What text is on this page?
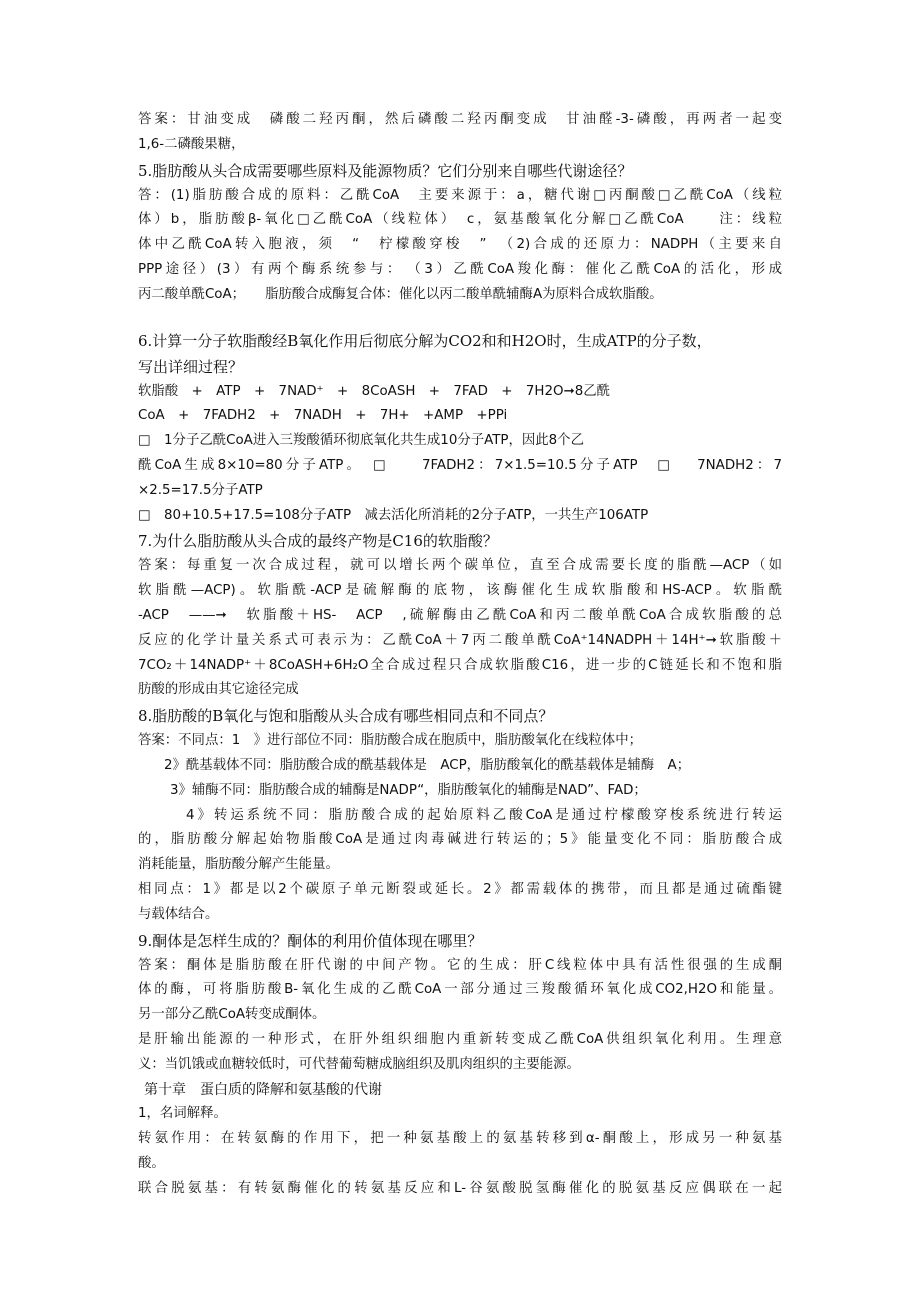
答案：甘油变成　磷酸二羟丙酮，然后磷酸二羟丙酮变成　甘油醛-3-磷酸，再两者一起变
1,6-二磷酸果糖，
5.脂肪酸从头合成需要哪些原料及能源物质？它们分别来自哪些代谢途径？
答：(1)脂肪酸合成的原料：乙酰CoA　主要来源于：a，糖代谢□丙酮酸□乙酰CoA（线粒
体）b，脂肪酸β-氧化□乙酰CoA（线粒体）　c，氨基酸氧化分解□乙酰CoA　　注：线粒
体中乙酰CoA转入胞液，须　“　柠檬酸穿梭　”　（2)合成的还原力：NADPH（主要来自
PPP途径）(3）有两个酶系统参与：　（3）乙酰CoA羧化酶：催化乙酰CoA的活化，形成
丙二酸单酰CoA；　　脂肪酸合成酶复合体：催化以丙二酸单酰辅酶A为原料合成软脂酸。
6.计算一分子软脂酸经B氧化作用后彻底分解为CO2和和H2O时，生成ATP的分子数，
写出详细过程？
软脂酸　+　ATP　+　7NAD⁺　+　8CoASH　+　7FAD　+　7H2O➞8乙酰
CoA　+　7FADH2　+　7NADH　+　7H+　+AMP　+PPi
□　1分子乙酰CoA进入三羧酸循环彻底氧化共生成10分子ATP，因此8个乙
酰CoA生成8×10=80分子ATP。　□　　7FADH2：7×1.5=10.5分子ATP　□　 7NADH2：7
×2.5=17.5分子ATP
□　80+10.5+17.5=108分子ATP　减去活化所消耗的2分子ATP，一共生产106ATP
7.为什么脂肪酸从头合成的最终产物是C16的软脂酸？
答案：每重复一次合成过程，就可以增长两个碳单位，直至合成需要长度的脂酰—ACP（如
软脂酰—ACP)。软脂酰-ACP是硫解酶的底物，该酶催化生成软脂酸和HS-ACP。软脂酰
-ACP　——➞　软脂酸＋HS-　ACP　,硫解酶由乙酰CoA和丙二酸单酰CoA合成软脂酸的总
反应的化学计量关系式可表示为：乙酰CoA＋7丙二酸单酰CoA⁺14NADPH＋14H⁺➞软脂酸＋
7CO₂＋14NADP⁺＋8CoASH+6H₂O全合成过程只合成软脂酸C16，进一步的C链延长和不饱和脂
肪酸的形成由其它途径完成
8.脂肪酸的B氧化与饱和脂酸从头合成有哪些相同点和不同点？
答案：不同点：1　》进行部位不同：脂肪酸合成在胞质中，脂肪酸氧化在线粒体中；
2》酰基载体不同：脂肪酸合成的酰基载体是　ACP，脂肪酸氧化的酰基载体是辅酶　A；
3》辅酶不同：脂肪酸合成的辅酶是NADP“，脂肪酸氧化的辅酶是NAD”、FAD；
4》转运系统不同：脂肪酸合成的起始原料乙酸CoA是通过柠檬酸穿梭系统进行转运
的，脂肪酸分解起始物脂酸CoA是通过肉毒碱进行转运的；5》能量变化不同：脂肪酸合成
消耗能量，脂肪酸分解产生能量。
相同点：1》都是以2个碳原子单元断裂或延长。2》都需载体的携带，而且都是通过硫酯键
与载体结合。
9.酮体是怎样生成的？酮体的利用价值体现在哪里？
答案：酮体是脂肪酸在肝代谢的中间产物。它的生成：肝C线粒体中具有活性很强的生成酮
体的酶，可将脂肪酸B-氧化生成的乙酰CoA一部分通过三羧酸循环氧化成CO2,H2O和能量。
另一部分乙酰CoA转变成酮体。
是肝输出能源的一种形式，在肝外组织细胞内重新转变成乙酰CoA供组织氧化利用。生理意
义：当饥饿或血糖较低时，可代替葡萄糖成脑组织及肌肉组织的主要能源。
第十章　蛋白质的降解和氨基酸的代谢
1，名词解释。
转氨作用：在转氨酶的作用下，把一种氨基酸上的氨基转移到α-酮酸上，形成另一种氨基
酸。
联合脱氨基：有转氨酶催化的转氨基反应和L-谷氨酸脱氢酶催化的脱氨基反应偶联在一起
